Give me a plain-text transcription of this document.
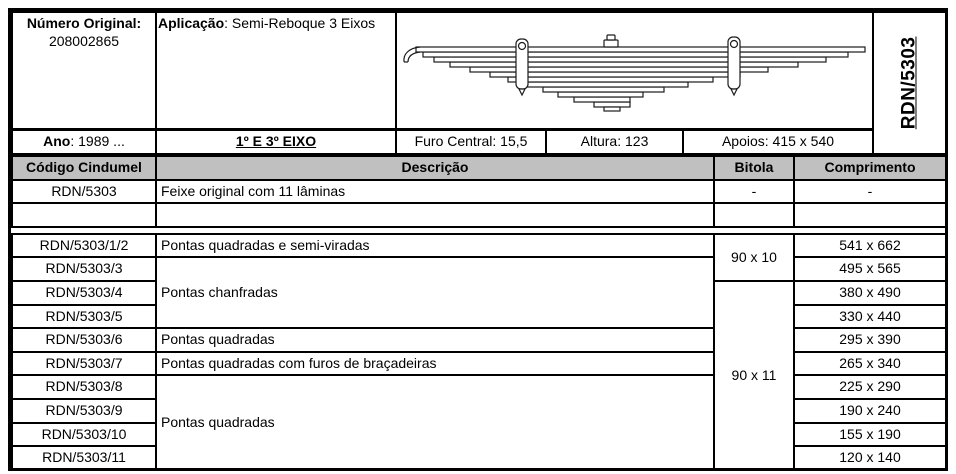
Número Original:
208002865	Aplicação: Semi-Reboque 3 Eixos				RDN/5303

Ano: 1989 ...	1º E 3º EIXO	Furo Central: 15,5	Altura: 123	Apoios: 415 x 540	
Código Cindumel	Descrição	Bitola	Comprimento
RDN/5303	Feixe original com 11 lâminas	-	-

RDN/5303/1/2	Pontas quadradas e semi-viradas	90 x 10	541 x 662
RDN/5303/3	Pontas chanfradas		495 x 565
RDN/5303/4		90 x 11	380 x 490
RDN/5303/5			330 x 440
RDN/5303/6	Pontas quadradas		295 x 390
RDN/5303/7	Pontas quadradas com furos de braçadeiras		265 x 340
RDN/5303/8	Pontas quadradas		225 x 290
RDN/5303/9			190 x 240
RDN/5303/10			155 x 190
RDN/5303/11			120 x 140
